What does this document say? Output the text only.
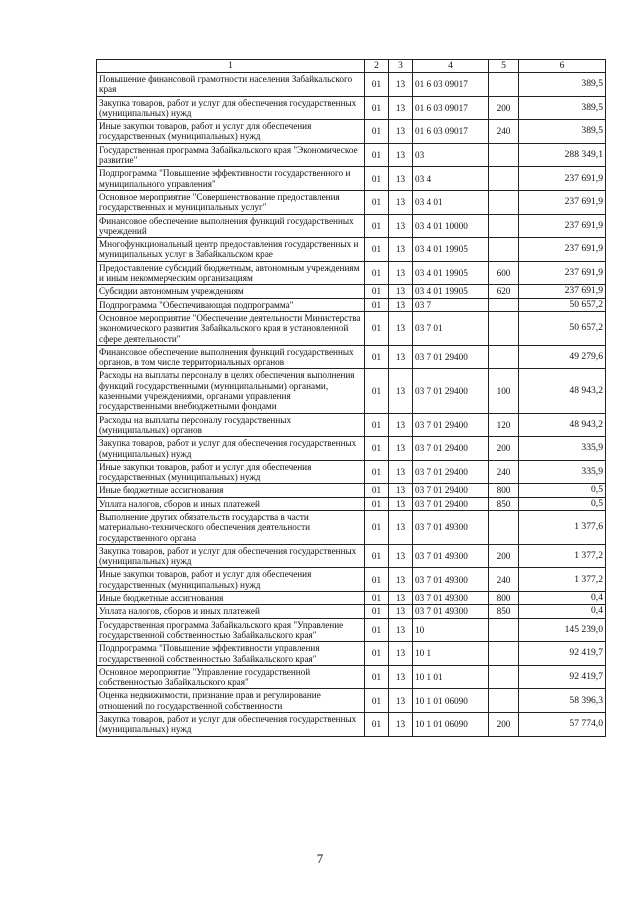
1	2	3	4	5	6
Повышение финансовой грамотности населения Забайкальского края	01	13	01 6 03 09017		389,5
Закупка товаров, работ и услуг для обеспечения государственных (муниципальных) нужд	01	13	01 6 03 09017	200	389,5
Иные закупки товаров, работ и услуг для обеспечения государственных (муниципальных) нужд	01	13	01 6 03 09017	240	389,5
Государственная программа Забайкальского края "Экономическое развитие"	01	13	03		288 349,1
Подпрограмма "Повышение эффективности государственного и муниципального управления"	01	13	03 4		237 691,9
Основное мероприятие "Совершенствование предоставления государственных и муниципальных услуг"	01	13	03 4 01		237 691,9
Финансовое обеспечение выполнения функций государственных учреждений	01	13	03 4 01 10000		237 691,9
Многофункциональный центр предоставления государственных и муниципальных услуг в Забайкальском крае	01	13	03 4 01 19905		237 691,9
Предоставление субсидий бюджетным, автономным учреждениям и иным некоммерческим организациям	01	13	03 4 01 19905	600	237 691,9
Субсидии автономным учреждениям	01	13	03 4 01 19905	620	237 691,9
Подпрограмма "Обеспечивающая подпрограмма"	01	13	03 7		50 657,2
Основное мероприятие "Обеспечение деятельности Министерства экономического развития Забайкальского края в установленной сфере деятельности"	01	13	03 7 01		50 657,2
Финансовое обеспечение выполнения функций государственных органов, в том числе территориальных органов	01	13	03 7 01 29400		49 279,6
Расходы на выплаты персоналу в целях обеспечения выполнения функций государственными (муниципальными) органами, казенными учреждениями, органами управления государственными внебюджетными фондами	01	13	03 7 01 29400	100	48 943,2
Расходы на выплаты персоналу государственных (муниципальных) органов	01	13	03 7 01 29400	120	48 943,2
Закупка товаров, работ и услуг для обеспечения государственных (муниципальных) нужд	01	13	03 7 01 29400	200	335,9
Иные закупки товаров, работ и услуг для обеспечения государственных (муниципальных) нужд	01	13	03 7 01 29400	240	335,9
Иные бюджетные ассигнования	01	13	03 7 01 29400	800	0,5
Уплата налогов, сборов и иных платежей	01	13	03 7 01 29400	850	0,5
Выполнение других обязательств государства в части материально-технического обеспечения деятельности государственного органа	01	13	03 7 01 49300		1 377,6
Закупка товаров, работ и услуг для обеспечения государственных (муниципальных) нужд	01	13	03 7 01 49300	200	1 377,2
Иные закупки товаров, работ и услуг для обеспечения государственных (муниципальных) нужд	01	13	03 7 01 49300	240	1 377,2
Иные бюджетные ассигнования	01	13	03 7 01 49300	800	0,4
Уплата налогов, сборов и иных платежей	01	13	03 7 01 49300	850	0,4
Государственная программа Забайкальского края "Управление государственной собственностью Забайкальского края"	01	13	10		145 239,0
Подпрограмма "Повышение эффективности управления государственной собственностью Забайкальского края"	01	13	10 1		92 419,7
Основное мероприятие "Управление государственной собственностью Забайкальского края"	01	13	10 1 01		92 419,7
Оценка недвижимости, признание прав и регулирование отношений по государственной собственности	01	13	10 1 01 06090		58 396,3
Закупка товаров, работ и услуг для обеспечения государственных (муниципальных) нужд	01	13	10 1 01 06090	200	57 774,0
7
